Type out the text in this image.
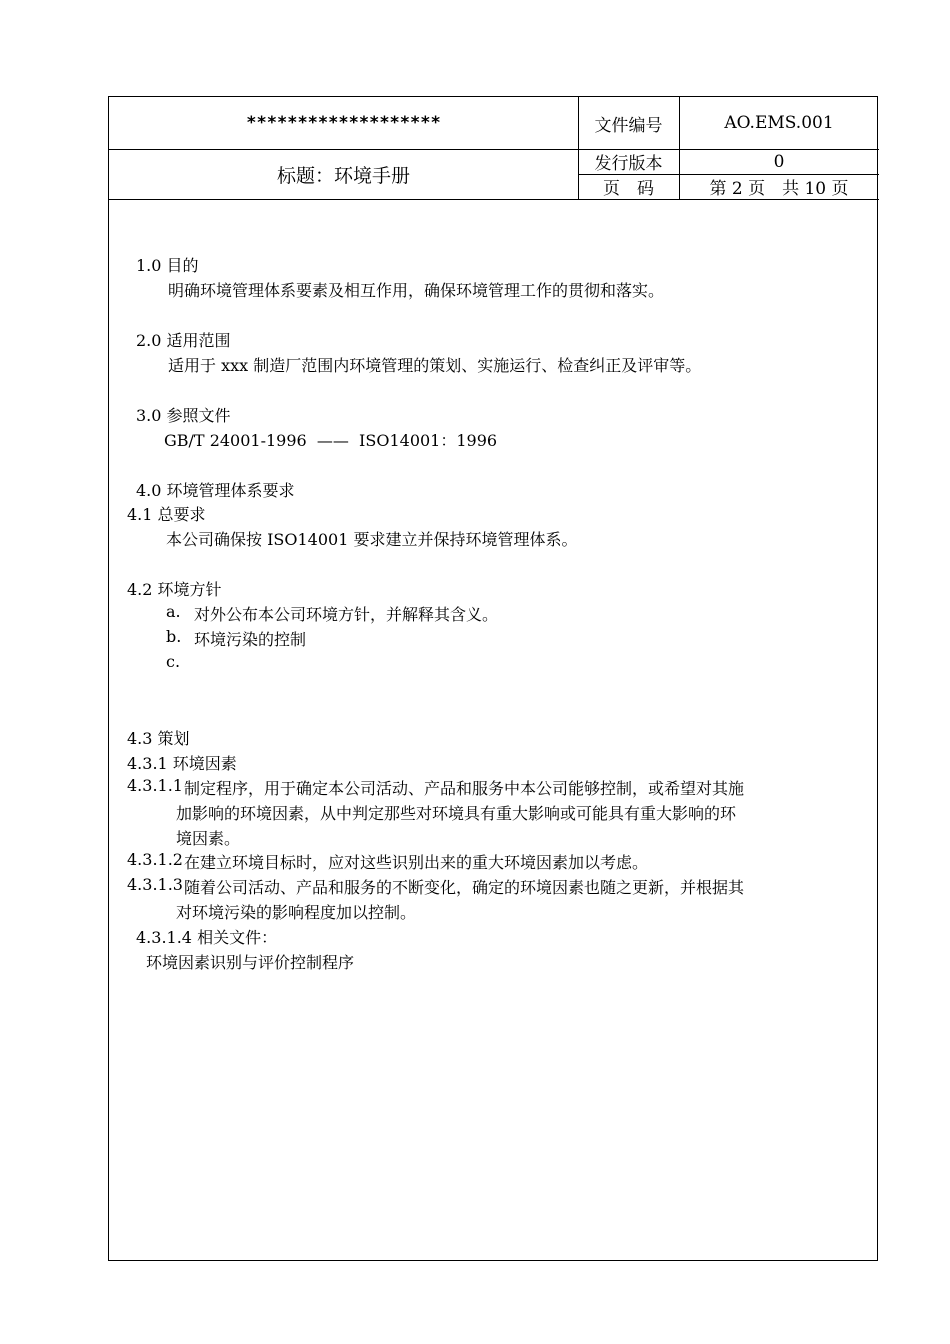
*******************	文件编号	AO.EMS.001
标题：环境手册
发行版本	0
页　码	第 2 页　共 10 页
1.0 目的
明确环境管理体系要素及相互作用，确保环境管理工作的贯彻和落实。
2.0 适用范围
适用于 xxx 制造厂范围内环境管理的策划、实施运行、检查纠正及评审等。
3.0 参照文件
GB/T 24001-1996  ——  ISO14001：1996
4.0 环境管理体系要求
4.1 总要求
本公司确保按 ISO14001 要求建立并保持环境管理体系。
4.2 环境方针
a. 对外公布本公司环境方针，并解释其含义。
b. 环境污染的控制
c.
4.3 策划
4.3.1 环境因素
4.3.1.1 制定程序，用于确定本公司活动、产品和服务中本公司能够控制，或希望对其施
加影响的环境因素，从中判定那些对环境具有重大影响或可能具有重大影响的环
境因素。
4.3.1.2 在建立环境目标时，应对这些识别出来的重大环境因素加以考虑。
4.3.1.3 随着公司活动、产品和服务的不断变化，确定的环境因素也随之更新，并根据其
对环境污染的影响程度加以控制。
4.3.1.4 相关文件：
环境因素识别与评价控制程序
